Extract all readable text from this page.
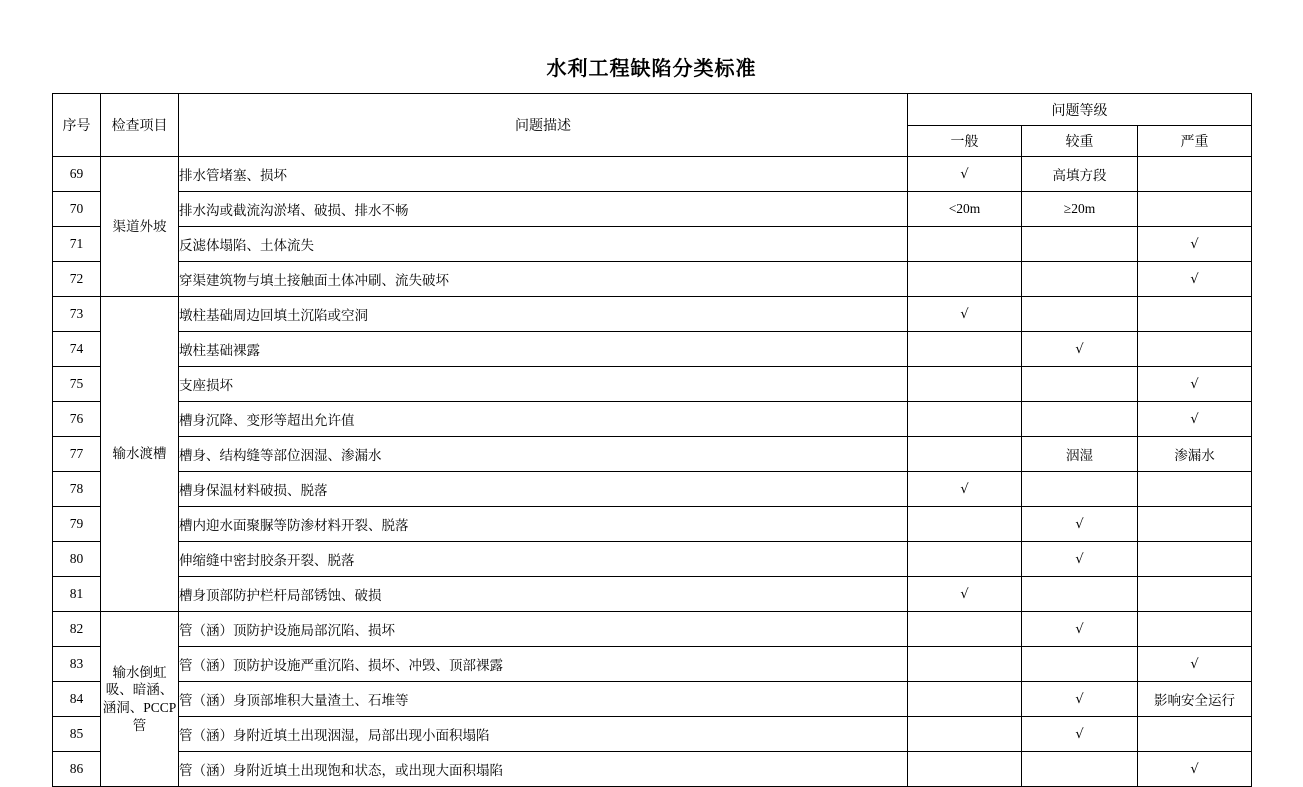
水利工程缺陷分类标准
序号	检查项目	问题描述	问题等级		
			一般	较重	严重
69	渠道外坡	排水管堵塞、损坏	√	高填方段	
70		排水沟或截流沟淤堵、破损、排水不畅	<20m	≥20m	
71		反滤体塌陷、土体流失			√
72		穿渠建筑物与填土接触面土体冲刷、流失破坏			√
73	输水渡槽	墩柱基础周边回填土沉陷或空洞	√		
74		墩柱基础裸露		√	
75		支座损坏			√
76		槽身沉降、变形等超出允许值			√
77		槽身、结构缝等部位洇湿、渗漏水		洇湿	渗漏水
78		槽身保温材料破损、脱落	√		
79		槽内迎水面聚脲等防渗材料开裂、脱落		√	
80		伸缩缝中密封胶条开裂、脱落		√	
81		槽身顶部防护栏杆局部锈蚀、破损	√		
82	输水倒虹吸、暗涵、涵洞、PCCP管	管（涵）顶防护设施局部沉陷、损坏		√	
83		管（涵）顶防护设施严重沉陷、损坏、冲毁、顶部裸露			√
84		管（涵）身顶部堆积大量渣土、石堆等		√	影响安全运行
85		管（涵）身附近填土出现洇湿，局部出现小面积塌陷		√	
86		管（涵）身附近填土出现饱和状态，或出现大面积塌陷			√
